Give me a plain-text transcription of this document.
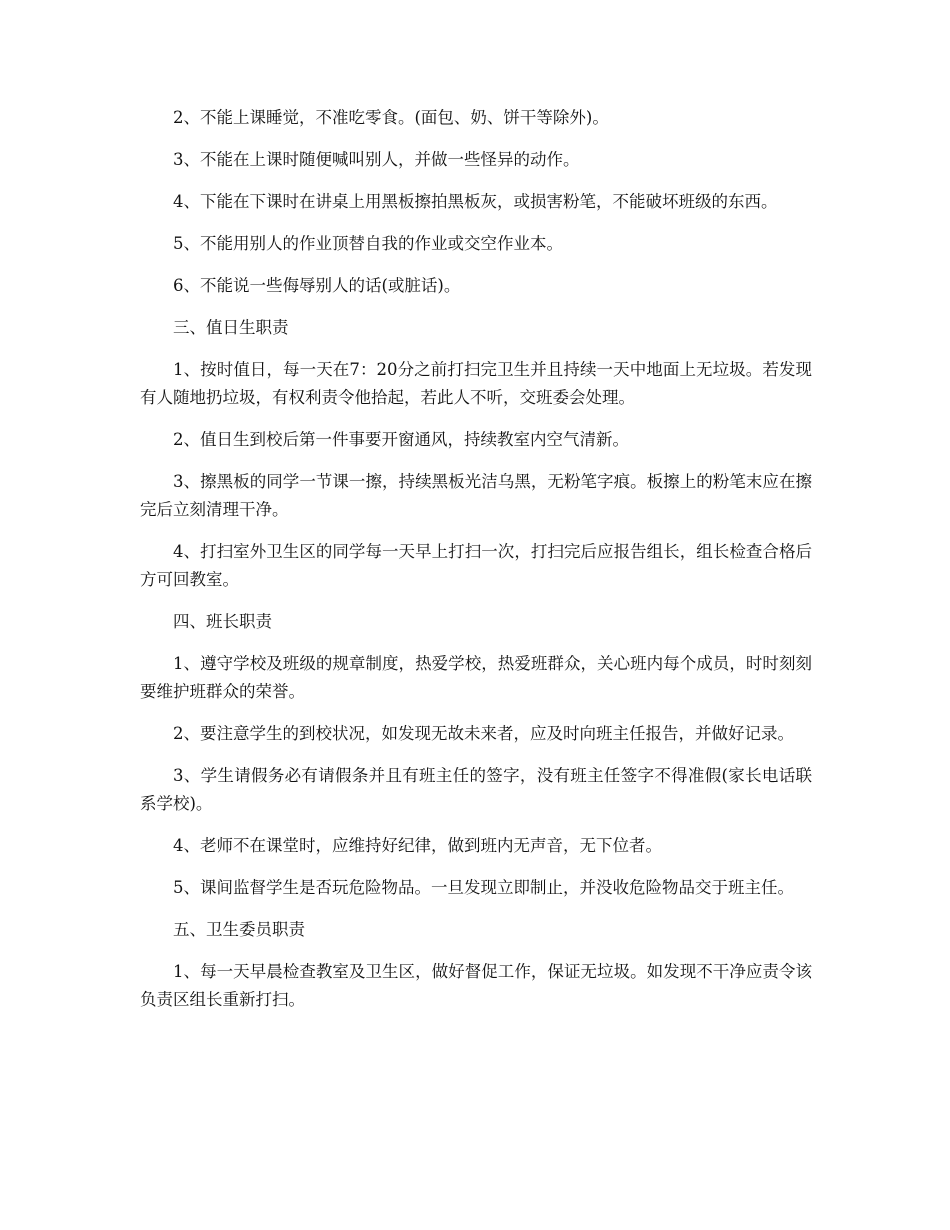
2、不能上课睡觉，不准吃零食。(面包、奶、饼干等除外)。

3、不能在上课时随便喊叫别人，并做一些怪异的动作。

4、下能在下课时在讲桌上用黑板擦拍黑板灰，或损害粉笔，不能破坏班级的东西。

5、不能用别人的作业顶替自我的作业或交空作业本。

6、不能说一些侮辱别人的话(或脏话)。

三、值日生职责

1、按时值日，每一天在7：20分之前打扫完卫生并且持续一天中地面上无垃圾。若发现有人随地扔垃圾，有权利责令他拾起，若此人不听，交班委会处理。

2、值日生到校后第一件事要开窗通风，持续教室内空气清新。

3、擦黑板的同学一节课一擦，持续黑板光洁乌黑，无粉笔字痕。板擦上的粉笔末应在擦完后立刻清理干净。

4、打扫室外卫生区的同学每一天早上打扫一次，打扫完后应报告组长，组长检查合格后方可回教室。

四、班长职责

1、遵守学校及班级的规章制度，热爱学校，热爱班群众，关心班内每个成员，时时刻刻要维护班群众的荣誉。

2、要注意学生的到校状况，如发现无故未来者，应及时向班主任报告，并做好记录。

3、学生请假务必有请假条并且有班主任的签字，没有班主任签字不得准假(家长电话联系学校)。

4、老师不在课堂时，应维持好纪律，做到班内无声音，无下位者。

5、课间监督学生是否玩危险物品。一旦发现立即制止，并没收危险物品交于班主任。

五、卫生委员职责

1、每一天早晨检查教室及卫生区，做好督促工作，保证无垃圾。如发现不干净应责令该负责区组长重新打扫。
